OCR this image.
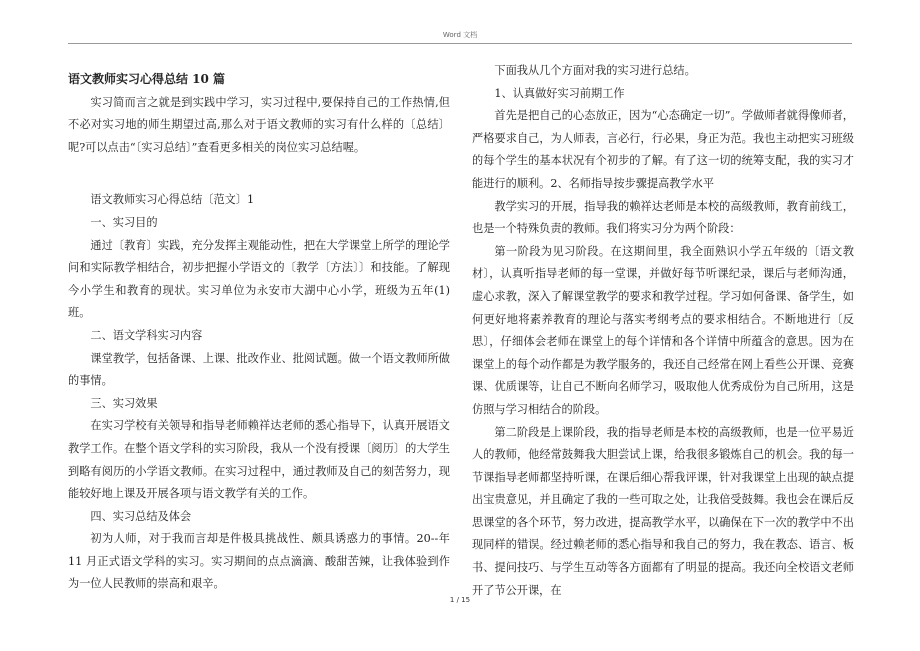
Word 文档

语文教师实习心得总结 10 篇

实习简而言之就是到实践中学习，实习过程中,要保持自己的工作热情,但不必对实习地的师生期望过高,那么对于语文教师的实习有什么样的〔总结〕呢?可以点击“〔实习总结〕”查看更多相关的岗位实习总结喔。

语文教师实习心得总结〔范文〕1

一、实习目的

通过〔教育〕实践，充分发挥主观能动性，把在大学课堂上所学的理论学问和实际教学相结合，初步把握小学语文的〔教学〔方法〕〕和技能。了解现今小学生和教育的现状。实习单位为永安市大湖中心小学，班级为五年(1)班。

二、语文学科实习内容

课堂教学，包括备课、上课、批改作业、批阅试题。做一个语文教师所做的事情。

三、实习效果

在实习学校有关领导和指导老师赖祥达老师的悉心指导下，认真开展语文教学工作。在整个语文学科的实习阶段，我从一个没有授课〔阅历〕的大学生到略有阅历的小学语文教师。在实习过程中，通过教师及自己的刻苦努力，现能较好地上课及开展各项与语文教学有关的工作。

四、实习总结及体会

初为人师，对于我而言却是件极具挑战性、颇具诱惑力的事情。20--年 11 月正式语文学科的实习。实习期间的点点滴滴、酸甜苦辣，让我体验到作为一位人民教师的崇高和艰辛。

下面我从几个方面对我的实习进行总结。

1、认真做好实习前期工作

首先是把自己的心态放正，因为“心态确定一切”。学做师者就得像师者，严格要求自己，为人师表，言必行，行必果，身正为范。我也主动把实习班级的每个学生的基本状况有个初步的了解。有了这一切的统筹支配，我的实习才能进行的顺利。2、名师指导按步骤提高教学水平

教学实习的开展，指导我的赖祥达老师是本校的高级教师，教育前线工，也是一个特殊负责的教师。我们将实习分为两个阶段：

第一阶段为见习阶段。在这期间里，我全面熟识小学五年级的〔语文教材〕，认真听指导老师的每一堂课，并做好每节听课纪录，课后与老师沟通，虚心求教，深入了解课堂教学的要求和教学过程。学习如何备课、备学生，如何更好地将素养教育的理论与落实考纲考点的要求相结合。不断地进行〔反思〕，仔细体会老师在课堂上的每个详情和各个详情中所蕴含的意思。因为在课堂上的每个动作都是为教学服务的，我还自己经常在网上看些公开课、竞赛课、优质课等，让自己不断向名师学习，吸取他人优秀成份为自己所用，这是仿照与学习相结合的阶段。

第二阶段是上课阶段，我的指导老师是本校的高级教师，也是一位平易近人的教师，他经常鼓舞我大胆尝试上课，给我很多锻炼自己的机会。我的每一节课指导老师都坚持听课，在课后细心帮我评课，针对我课堂上出现的缺点提出宝贵意见，并且确定了我的一些可取之处，让我倍受鼓舞。我也会在课后反思课堂的各个环节，努力改进，提高教学水平，以确保在下一次的教学中不出现同样的错误。经过赖老师的悉心指导和我自己的努力，我在教态、语言、板书、提问技巧、与学生互动等各方面都有了明显的提高。我还向全校语文老师开了节公开课，在

1 / 15
